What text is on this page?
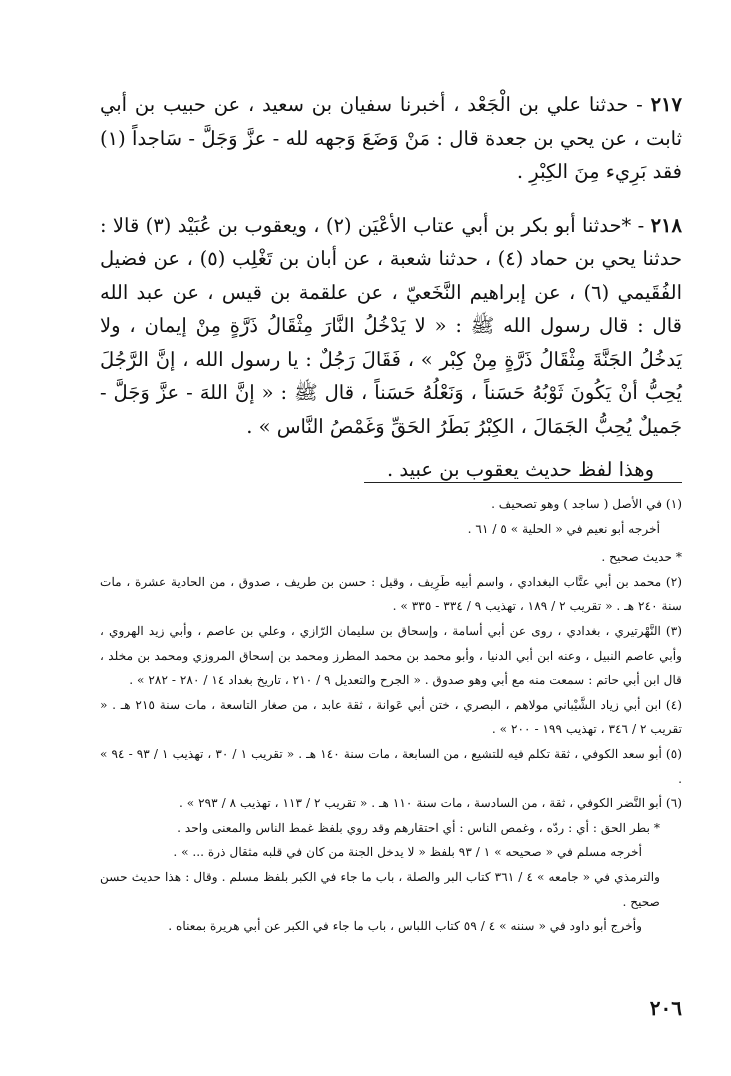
٢١٧ - حدثنا علي بن الْجَعْد ، أخبرنا سفيان بن سعيد ، عن حبيب بن أبي ثابت ، عن يحي بن جعدة قال : مَنْ وَضَعَ وَجهه لله - عزَّ وَجَلَّ - سَاجداً (١) فقد بَرِيء مِنَ الكِبْرِ .

٢١٨ - *حدثنا أبو بكر بن أبي عتاب الأعْيَن (٢) ، ويعقوب بن عُبَيْد (٣) قالا : حدثنا يحي بن حماد (٤) ، حدثنا شعبة ، عن أبان بن تَغْلِب (٥) ، عن فضيل الفُقَيمي (٦) ، عن إبراهيم النَّخَعيّ ، عن علقمة بن قيس ، عن عبد الله قال : قال رسول الله ﷺ : « لا يَدْخُلُ النَّارَ مِثْقَالُ ذَرَّةٍ مِنْ إيمان ، ولا يَدخُلُ الجَنَّةَ مِثْقَالُ ذَرَّةٍ مِنْ كِبْر » ، فَقَالَ رَجُلٌ : يا رسول الله ، إنَّ الرَّجُلَ يُحِبُّ أنْ يَكُونَ ثَوْبُهُ حَسَناً ، وَنَعْلُهُ حَسَناً ، قال ﷺ : « إنَّ اللهَ - عزَّ وَجَلَّ - جَميلٌ يُحِبُّ الجَمَالَ ، الكِبْرُ بَطَرُ الحَقِّ وَغَمْصُ النَّاس » .

وهذا لفظ حديث يعقوب بن عبيد .

(١) في الأصل ( ساجد ) وهو تصحيف .

أخرجه أبو نعيم في « الحلية » ٥ / ٦١ .

* حديث صحيح .

(٢) محمد بن أبي عتَّاب البغدادي ، واسم أبيه طَرِيف ، وقيل : حسن بن طريف ، صدوق ، من الحادية عشرة ، مات سنة ٢٤٠ هـ . « تقريب ٢ / ١٨٩ ، تهذيب ٩ / ٣٣٤ - ٣٣٥ » .

(٣) النَّهْرتيري ، بغدادي ، روى عن أبي أسامة ، وإسحاق بن سليمان الرّازي ، وعلي بن عاصم ، وأبي زيد الهروي ، وأبي عاصم النبيل ، وعنه ابن أبي الدنيا ، وأبو محمد بن محمد المطرز ومحمد بن إسحاق المروزي ومحمد بن مخلد ، قال ابن أبي حاتم : سمعت منه مع أبي وهو صدوق . « الجرح والتعديل ٩ / ٢١٠ ، تاريخ بغداد ١٤ / ٢٨٠ - ٢٨٢ » .

(٤) ابن أبي زياد الشَّيْباني مولاهم ، البصري ، ختن أبي عَوانة ، ثقة عابد ، من صغار التاسعة ، مات سنة ٢١٥ هـ . « تقريب ٢ / ٣٤٦ ، تهذيب ١٩٩ - ٢٠٠ » .

(٥) أبو سعد الكوفي ، ثقة تكلم فيه للتشيع ، من السابعة ، مات سنة ١٤٠ هـ . « تقريب ١ / ٣٠ ، تهذيب ١ / ٩٣ - ٩٤ » .

(٦) أبو النَّضر الكوفي ، ثقة ، من السادسة ، مات سنة ١١٠ هـ . « تقريب ٢ / ١١٣ ، تهذيب ٨ / ٢٩٣ » .

* بطر الحق : أي : ردّه ، وغمص الناس : أي احتقارهم وقد روي بلفظ غمط الناس والمعنى واحد .

أخرجه مسلم في « صحيحه » ١ / ٩٣ بلفظ « لا يدخل الجنة من كان في قلبه مثقال ذرة ... » .

والترمذي في « جامعه » ٤ / ٣٦١ كتاب البر والصلة ، باب ما جاء في الكبر بلفظ مسلم . وقال : هذا حديث حسن صحيح .

وأخرج أبو داود في « سننه » ٤ / ٥٩ كتاب اللباس ، باب ما جاء في الكبر عن أبي هريرة بمعناه .

٢٠٦
